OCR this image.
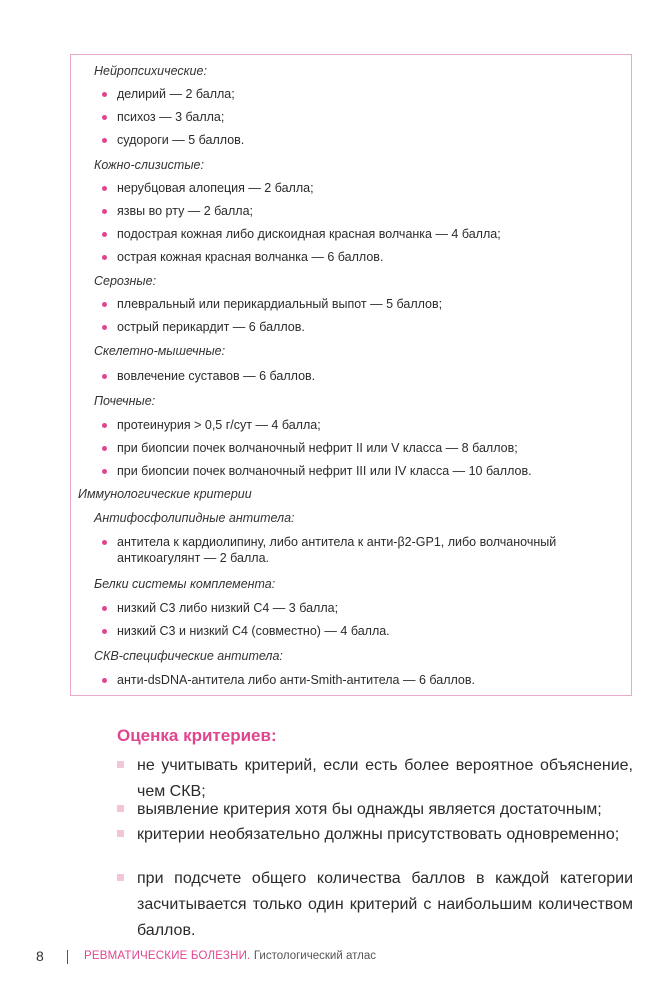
Нейропсихические:
делирий — 2 балла;
психоз — 3 балла;
судороги — 5 баллов.
Кожно-слизистые:
нерубцовая алопеция — 2 балла;
язвы во рту — 2 балла;
подострая кожная либо дискоидная красная волчанка — 4 балла;
острая кожная красная волчанка — 6 баллов.
Серозные:
плевральный или перикардиальный выпот — 5 баллов;
острый перикардит — 6 баллов.
Скелетно-мышечные:
вовлечение суставов — 6 баллов.
Почечные:
протеинурия > 0,5 г/сут — 4 балла;
при биопсии почек волчаночный нефрит II или V класса — 8 баллов;
при биопсии почек волчаночный нефрит III или IV класса — 10 баллов.
Иммунологические критерии
Антифосфолипидные антитела:
антитела к кардиолипину, либо антитела к анти-β2-GP1, либо волчаночный антикоагулянт — 2 балла.
Белки системы комплемента:
низкий С3 либо низкий С4 — 3 балла;
низкий С3 и низкий С4 (совместно) — 4 балла.
СКВ-специфические антитела:
анти-dsDNA-антитела либо анти-Smith-антитела — 6 баллов.
Оценка критериев:
не учитывать критерий, если есть более вероятное объяснение, чем СКВ;
выявление критерия хотя бы однажды является достаточным;
критерии необязательно должны присутствовать одновременно;
при подсчете общего количества баллов в каждой категории засчитывается только один критерий с наибольшим количеством баллов.
8	РЕВМАТИЧЕСКИЕ БОЛЕЗНИ. Гистологический атлас
